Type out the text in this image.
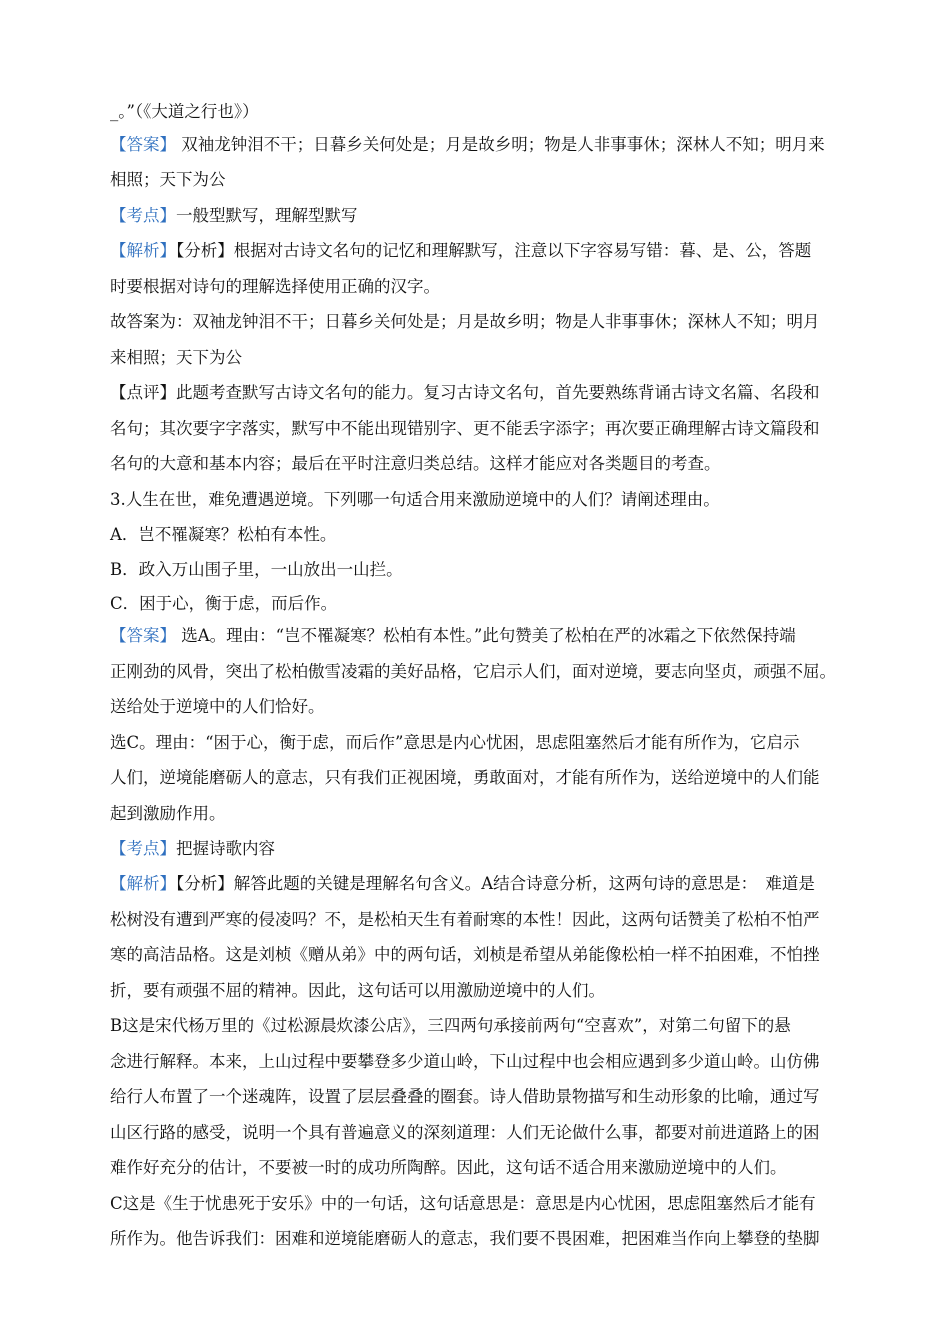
_。”（《大道之行也》）

【答案】 双袖龙钟泪不干；日暮乡关何处是；月是故乡明；物是人非事事休；深林人不知；明月来

相照；天下为公

【考点】一般型默写，理解型默写

【解析】【分析】根据对古诗文名句的记忆和理解默写，注意以下字容易写错：暮、是、公，答题

时要根据对诗句的理解选择使用正确的汉字。

故答案为：双袖龙钟泪不干；日暮乡关何处是；月是故乡明；物是人非事事休；深林人不知；明月

来相照；天下为公

【点评】此题考查默写古诗文名句的能力。复习古诗文名句，首先要熟练背诵古诗文名篇、名段和

名句；其次要字字落实，默写中不能出现错别字、更不能丢字添字；再次要正确理解古诗文篇段和

名句的大意和基本内容；最后在平时注意归类总结。这样才能应对各类题目的考查。

3.人生在世，难免遭遇逆境。下列哪一句适合用来激励逆境中的人们？请阐述理由。

A．岂不罹凝寒？松柏有本性。

B．政入万山围子里，一山放出一山拦。

C．困于心，衡于虑，而后作。

【答案】 选A。理由：“岂不罹凝寒？松柏有本性。”此句赞美了松柏在严的冰霜之下依然保持端

正刚劲的风骨，突出了松柏傲雪凌霜的美好品格，它启示人们，面对逆境，要志向坚贞，顽强不屈。

送给处于逆境中的人们恰好。

选C。理由：“困于心，衡于虑，而后作”意思是内心忧困，思虑阻塞然后才能有所作为，它启示

人们，逆境能磨砺人的意志，只有我们正视困境，勇敢面对，才能有所作为，送给逆境中的人们能

起到激励作用。

【考点】把握诗歌内容

【解析】【分析】解答此题的关键是理解名句含义。A结合诗意分析，这两句诗的意思是：　难道是

松树没有遭到严寒的侵凌吗？不，是松柏天生有着耐寒的本性！因此，这两句话赞美了松柏不怕严

寒的高洁品格。这是刘桢《赠从弟》中的两句话，刘桢是希望从弟能像松柏一样不拍困难，不怕挫

折，要有顽强不屈的精神。因此，这句话可以用激励逆境中的人们。

B这是宋代杨万里的《过松源晨炊漆公店》，三四两句承接前两句“空喜欢”，对第二句留下的悬

念进行解释。本来，上山过程中要攀登多少道山岭，下山过程中也会相应遇到多少道山岭。山仿佛

给行人布置了一个迷魂阵，设置了层层叠叠的圈套。诗人借助景物描写和生动形象的比喻，通过写

山区行路的感受，说明一个具有普遍意义的深刻道理：人们无论做什么事，都要对前进道路上的困

难作好充分的估计，不要被一时的成功所陶醉。因此，这句话不适合用来激励逆境中的人们。

C这是《生于忧患死于安乐》中的一句话，这句话意思是：意思是内心忧困，思虑阻塞然后才能有

所作为。他告诉我们：困难和逆境能磨砺人的意志，我们要不畏困难，把困难当作向上攀登的垫脚
